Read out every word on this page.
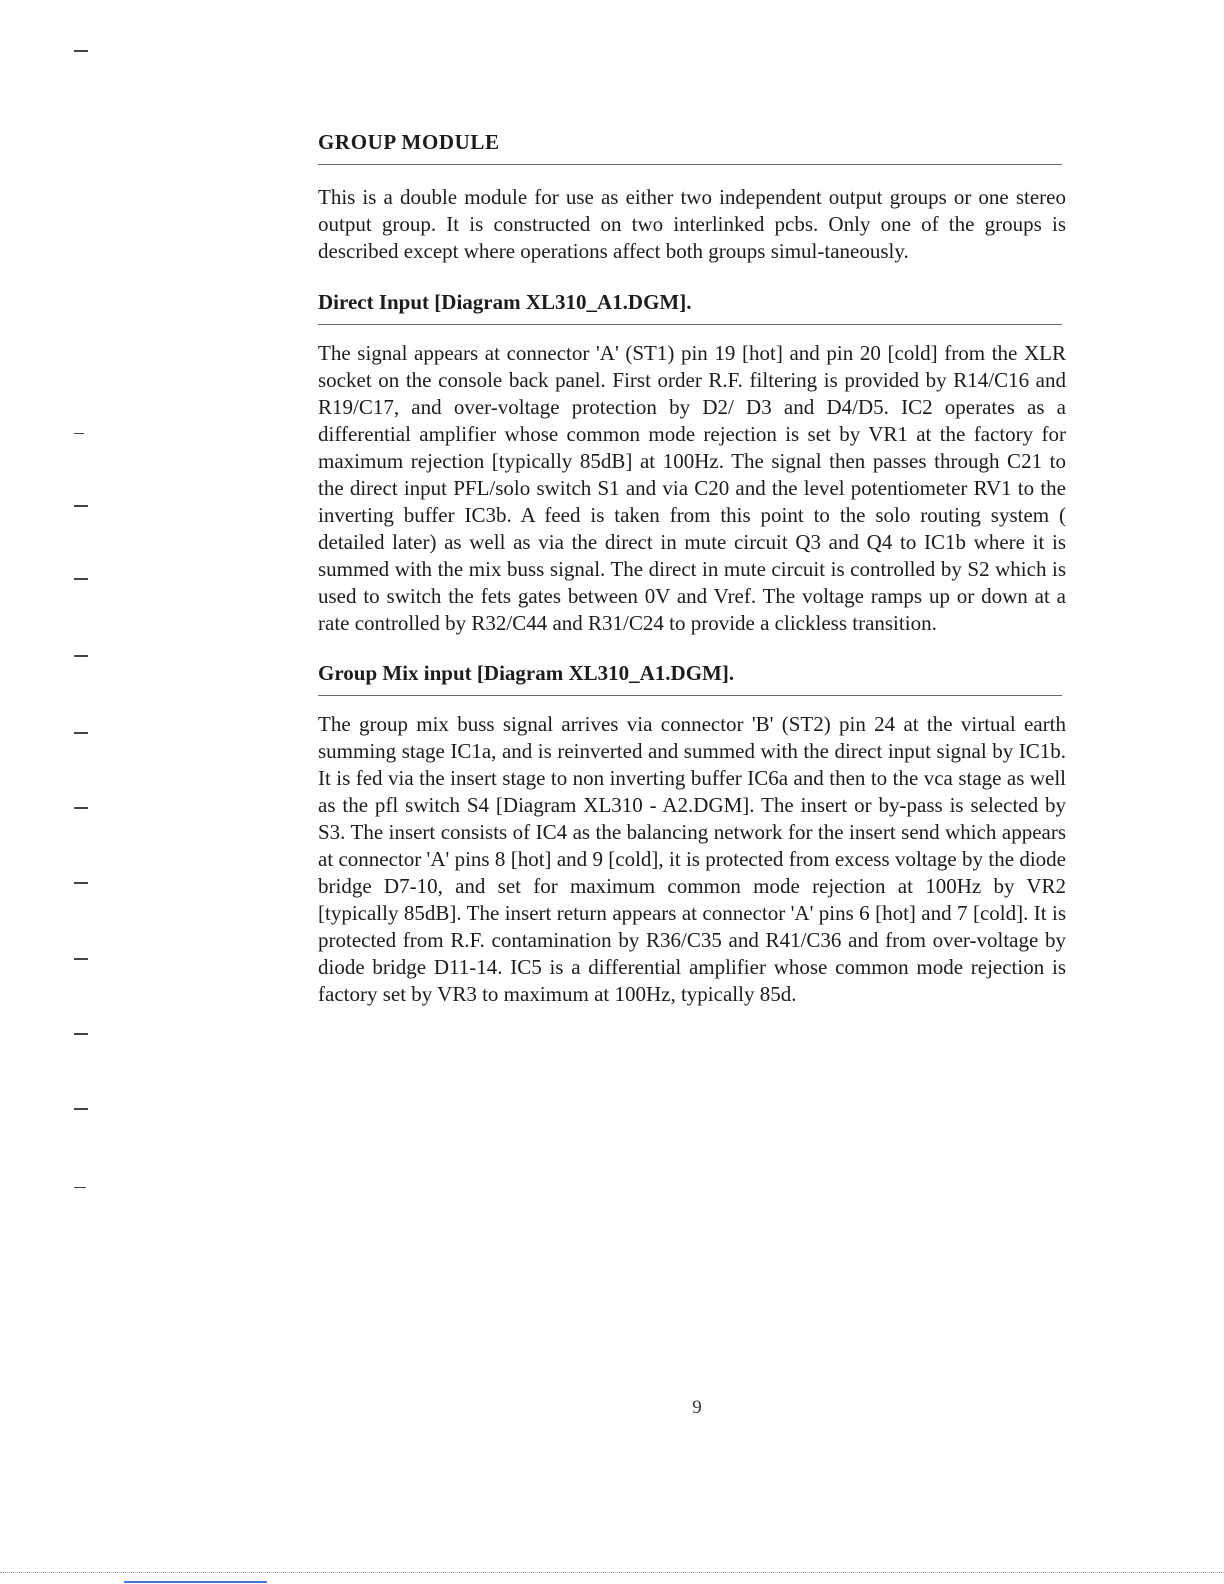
GROUP MODULE

This is a double module for use as either two independent output groups or one stereo output group. It is constructed on two interlinked pcbs. Only one of the groups is described except where operations affect both groups simul-taneously.

Direct Input [Diagram XL310_A1.DGM].

The signal appears at connector 'A' (ST1) pin 19 [hot] and pin 20 [cold] from the XLR socket on the console back panel. First order R.F. filtering is provided by R14/C16 and R19/C17, and over-voltage protection by D2/ D3 and D4/D5. IC2 operates as a differential amplifier whose common mode rejection is set by VR1 at the factory for maximum rejection [typically 85dB] at 100Hz. The signal then passes through C21 to the direct input PFL/solo switch S1 and via C20 and the level potentiometer RV1 to the inverting buffer IC3b. A feed is taken from this point to the solo routing system ( detailed later) as well as via the direct in mute circuit Q3 and Q4 to IC1b where it is summed with the mix buss signal. The direct in mute circuit is controlled by S2 which is used to switch the fets gates between 0V and Vref. The voltage ramps up or down at a rate controlled by R32/C44 and R31/C24 to provide a clickless transition.

Group Mix input [Diagram XL310_A1.DGM].

The group mix buss signal arrives via connector 'B' (ST2) pin 24 at the virtual earth summing stage IC1a, and is reinverted and summed with the direct input signal by IC1b. It is fed via the insert stage to non inverting buffer IC6a and then to the vca stage as well as the pfl switch S4 [Diagram XL310 - A2.DGM]. The insert or by-pass is selected by S3. The insert consists of IC4 as the balancing network for the insert send which appears at connector 'A' pins 8 [hot] and 9 [cold], it is protected from excess voltage by the diode bridge D7-10, and set for maximum common mode rejection at 100Hz by VR2 [typically 85dB]. The insert return appears at connector 'A' pins 6 [hot] and 7 [cold]. It is protected from R.F. contamination by R36/C35 and R41/C36 and from over-voltage by diode bridge D11-14. IC5 is a differential amplifier whose common mode rejection is factory set by VR3 to maximum at 100Hz, typically 85d.

9
